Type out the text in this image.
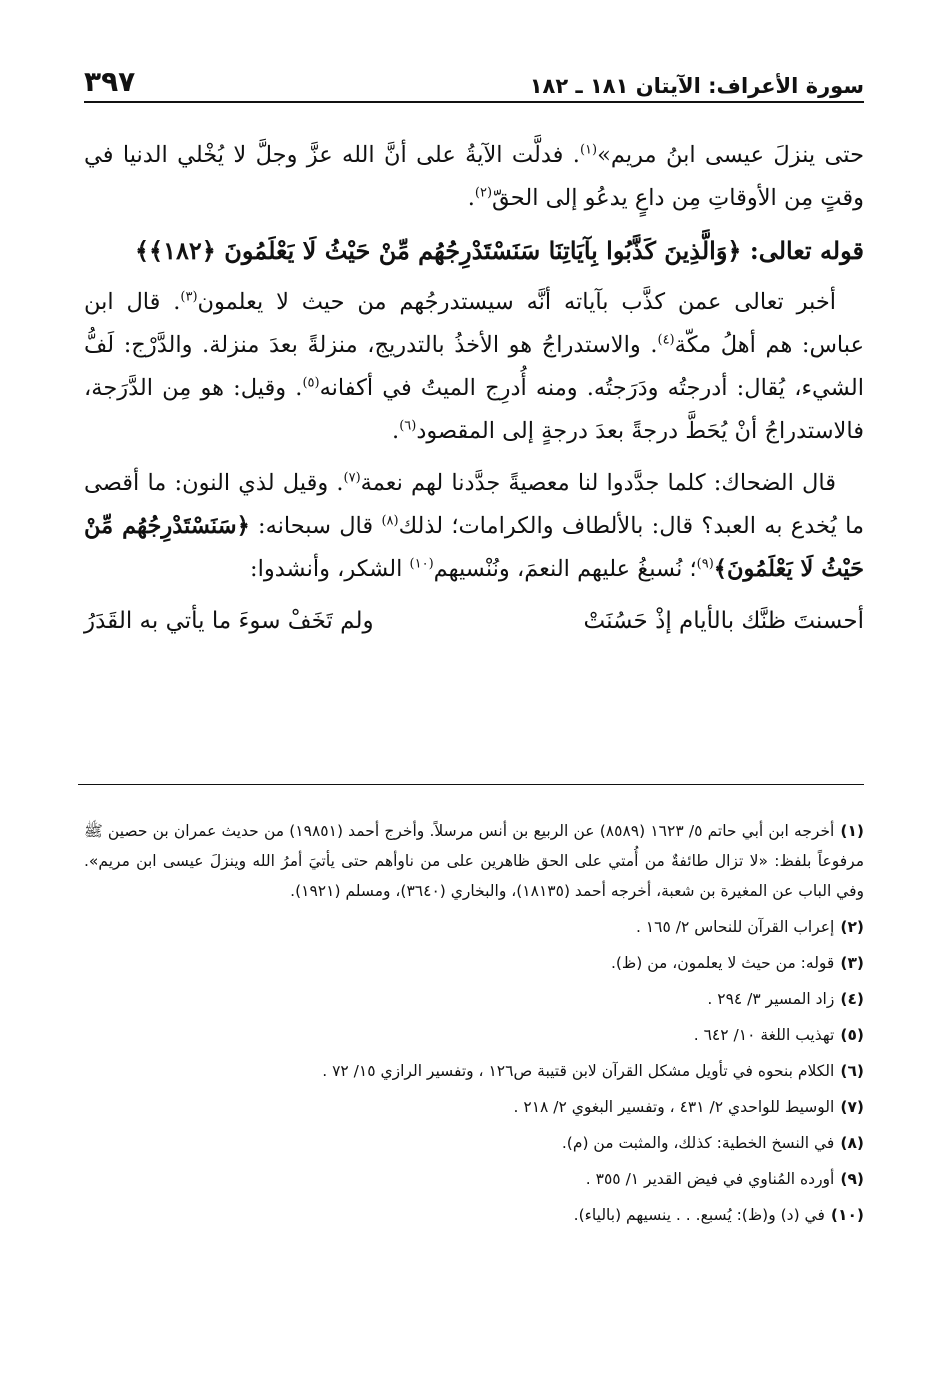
٣٩٧	سورة الأعراف: الآيتان ١٨١ ـ ١٨٢

حتى ينزلَ عيسى ابنُ مريم»$^{(١)}$. فدلَّت الآيةُ على أنَّ الله عزَّ وجلَّ لا يُخْلي الدنيا في وقتٍ مِن الأوقاتِ مِن داعٍ يدعُو إلى الحقّ$^{(٢)}$.

قوله تعالى: ﴿وَالَّذِينَ كَذَّبُوا بِآيَاتِنَا سَنَسْتَدْرِجُهُم مِّنْ حَيْثُ لَا يَعْلَمُونَ ﴿١٨٢﴾﴾

أخبر تعالى عمن كذَّب بآياته أنَّه سيستدرجُهم من حيث لا يعلمون$^{(٣)}$. قال ابن عباس: هم أهلُ مكّة$^{(٤)}$. والاستدراجُ هو الأخذُ بالتدريج، منزلةً بعدَ منزلة. والدَّرْج: لَفُّ الشيء، يُقال: أدرجتُه ودَرَجتُه. ومنه أُدرِج الميتُ في أكفانه$^{(٥)}$. وقيل: هو مِن الدَّرَجة، فالاستدراجُ أنْ يُحَطَّ درجةً بعدَ درجةٍ إلى المقصود$^{(٦)}$.

قال الضحاك: كلما جدَّدوا لنا معصيةً جدَّدنا لهم نعمة$^{(٧)}$. وقيل لذي النون: ما أقصى ما يُخدع به العبد؟ قال: بالألطاف والكرامات؛ لذلك$^{(٨)}$ قال سبحانه: ﴿سَنَسْتَدْرِجُهُم مِّنْ حَيْثُ لَا يَعْلَمُونَ﴾$^{(٩)}$؛ نُسبغُ عليهم النعمَ، ونُنْسيهم$^{(١٠)}$ الشكر، وأنشدوا:

أحسنتَ ظنَّك بالأيام إذْ حَسُنَتْ
ولم تَخَفْ سوءَ ما يأتي به القَدَرُ
(١)أخرجه ابن أبي حاتم ٥/ ١٦٢٣ (٨٥٨٩) عن الربيع بن أنس مرسلاً. وأخرج أحمد (١٩٨٥١) من حديث عمران بن حصين ﷺ مرفوعاً بلفظ: «لا تزال طائفةٌ من أُمتي على الحق ظاهرين على من ناوأهم حتى يأتيَ أمرُ الله وينزلَ عيسى ابن مريم». وفي الباب عن المغيرة بن شعبة، أخرجه أحمد (١٨١٣٥)، والبخاري (٣٦٤٠)، ومسلم (١٩٢١).
(٢)إعراب القرآن للنحاس ٢/ ١٦٥ .
(٣)قوله: من حيث لا يعلمون، من (ظ).
(٤)زاد المسير ٣/ ٢٩٤ .
(٥)تهذيب اللغة ١٠/ ٦٤٢ .
(٦)الكلام بنحوه في تأويل مشكل القرآن لابن قتيبة ص١٢٦ ، وتفسير الرازي ١٥/ ٧٢ .
(٧)الوسيط للواحدي ٢/ ٤٣١ ، وتفسير البغوي ٢/ ٢١٨ .
(٨)في النسخ الخطية: كذلك، والمثبت من (م).
(٩)أورده المُناوي في فيض القدير ١/ ٣٥٥ .
(١٠)في (د) و(ظ): يُسبع. . . ينسيهم (بالياء).
